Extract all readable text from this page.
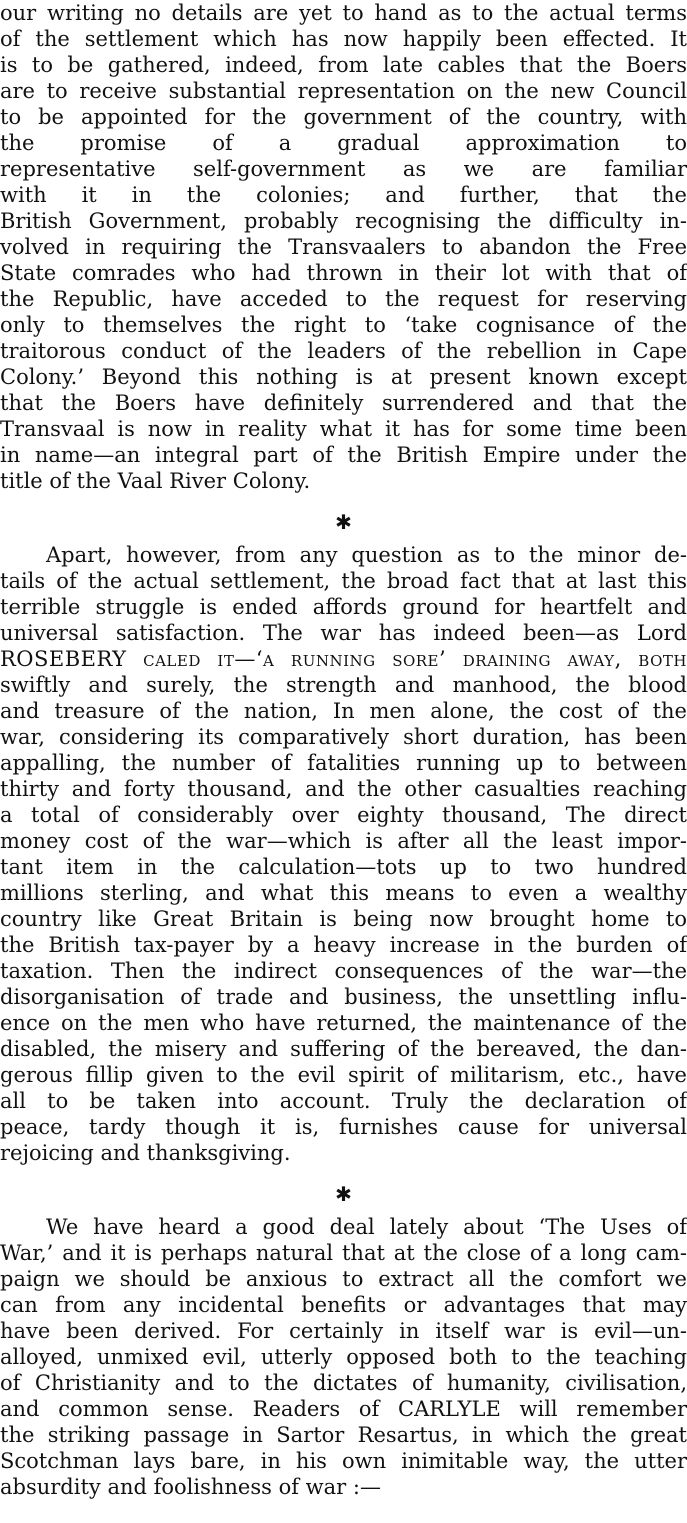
our writing no details are yet to hand as to the actual terms
of the settlement which has now happily been effected. It
is to be gathered, indeed, from late cables that the Boers
are to receive substantial representation on the new Council
to be appointed for the government of the country, with
the promise of a gradual approximation to
representative self-government as we are familiar
with it in the colonies; and further, that the
British Government, probably recognising the difficulty in-
volved in requiring the Transvaalers to abandon the Free
State comrades who had thrown in their lot with that of
the Republic, have acceded to the request for reserving
only to themselves the right to ‘take cognisance of the
traitorous conduct of the leaders of the rebellion in Cape
Colony.’ Beyond this nothing is at present known except
that the Boers have definitely surrendered and that the
Transvaal is now in reality what it has for some time been
in name—an integral part of the British Empire under the
title of the Vaal River Colony.
✱
Apart, however, from any question as to the minor de-
tails of the actual settlement, the broad fact that at last this
terrible struggle is ended affords ground for heartfelt and
universal satisfaction. The war has indeed been—as Lord
ROSEBERY caled it—‘a running sore’ draining away, both
swiftly and surely, the strength and manhood, the blood
and treasure of the nation, In men alone, the cost of the
war, considering its comparatively short duration, has been
appalling, the number of fatalities running up to between
thirty and forty thousand, and the other casualties reaching
a total of considerably over eighty thousand, The direct
money cost of the war—which is after all the least impor-
tant item in the calculation—tots up to two hundred
millions sterling, and what this means to even a wealthy
country like Great Britain is being now brought home to
the British tax-payer by a heavy increase in the burden of
taxation. Then the indirect consequences of the war—the
disorganisation of trade and business, the unsettling influ-
ence on the men who have returned, the maintenance of the
disabled, the misery and suffering of the bereaved, the dan-
gerous fillip given to the evil spirit of militarism, etc., have
all to be taken into account. Truly the declaration of
peace, tardy though it is, furnishes cause for universal
rejoicing and thanksgiving.
✱
We have heard a good deal lately about ‘The Uses of
War,’ and it is perhaps natural that at the close of a long cam-
paign we should be anxious to extract all the comfort we
can from any incidental benefits or advantages that may
have been derived. For certainly in itself war is evil—un-
alloyed, unmixed evil, utterly opposed both to the teaching
of Christianity and to the dictates of humanity, civilisation,
and common sense. Readers of CARLYLE will remember
the striking passage in Sartor Resartus, in which the great
Scotchman lays bare, in his own inimitable way, the utter
absurdity and foolishness of war :—
